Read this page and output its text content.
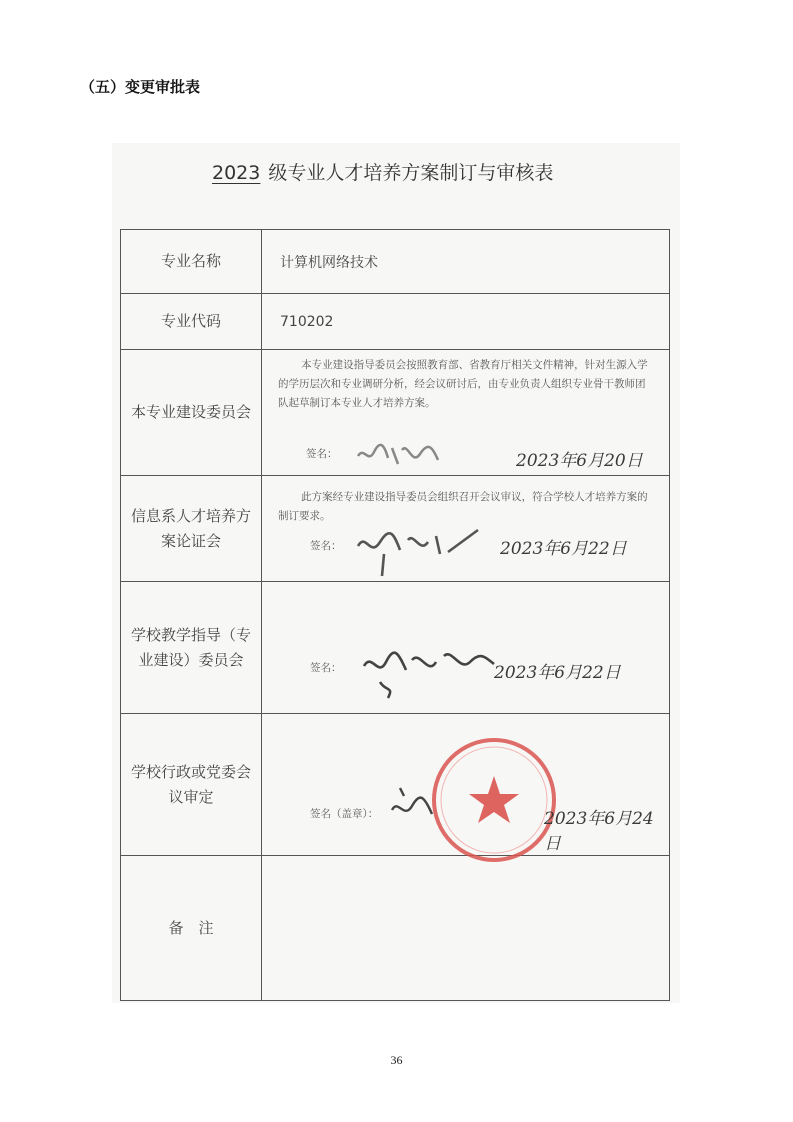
（五）变更审批表
2023 级专业人才培养方案制订与审核表
专业名称	计算机网络技术
专业代码	710202
本专业建设委员会	本专业建设指导委员会按照教育部、省教育厅相关文件精神，针对生源入学的学历层次和专业调研分析，经会议研讨后，由专业负责人组织专业骨干教师团队起草制订本专业人才培养方案。
签名： 2023年6月20日

信息系人才培养方案论证会	此方案经专业建设指导委员会组织召开会议审议，符合学校人才培养方案的制订要求。
签名： 2023年6月22日

学校教学指导（专业建设）委员会	签名： 2023年6月22日

学校行政或党委会议审定	签名（盖章）： 2023年6月24日

备　注	
36
